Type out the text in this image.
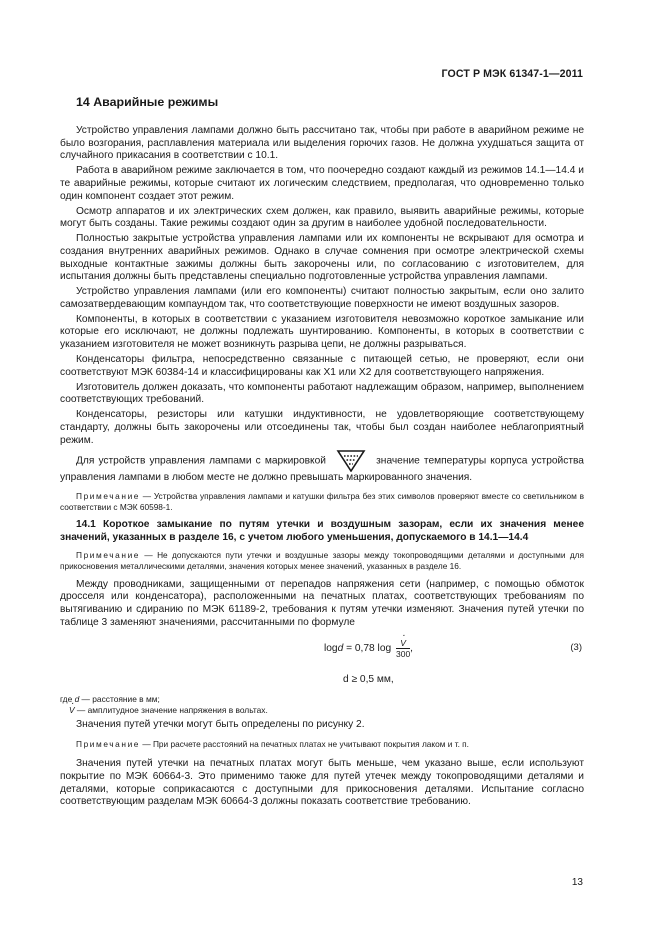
ГОСТ Р МЭК 61347-1—2011
14 Аварийные режимы

Устройство управления лампами должно быть рассчитано так, чтобы при работе в аварийном режиме не было возгорания, расплавления материала или выделения горючих газов. Не должна ухудшаться защита от случайного прикасания в соответствии с 10.1.

Работа в аварийном режиме заключается в том, что поочередно создают каждый из режимов 14.1—14.4 и те аварийные режимы, которые считают их логическим следствием, предполагая, что одновременно только один компонент создает этот режим.

Осмотр аппаратов и их электрических схем должен, как правило, выявить аварийные режимы, которые могут быть созданы. Такие режимы создают один за другим в наиболее удобной последовательности.

Полностью закрытые устройства управления лампами или их компоненты не вскрывают для осмотра и создания внутренних аварийных режимов. Однако в случае сомнения при осмотре электрической схемы выходные контактные зажимы должны быть закорочены или, по согласованию с изготовителем, для испытания должны быть представлены специально подготовленные устройства управления лампами.

Устройство управления лампами (или его компоненты) считают полностью закрытым, если оно залито самозатвердевающим компаундом так, что соответствующие поверхности не имеют воздушных зазоров.

Компоненты, в которых в соответствии с указанием изготовителя невозможно короткое замыкание или которые его исключают, не должны подлежать шунтированию. Компоненты, в которых в соответствии с указанием изготовителя не может возникнуть разрыва цепи, не должны разрываться.

Конденсаторы фильтра, непосредственно связанные с питающей сетью, не проверяют, если они соответствуют МЭК 60384-14 и классифицированы как X1 или X2 для соответствующего напряжения.

Изготовитель должен доказать, что компоненты работают надлежащим образом, например, выполнением соответствующих требований.

Конденсаторы, резисторы или катушки индуктивности, не удовлетворяющие соответствующему стандарту, должны быть закорочены или отсоединены так, чтобы был создан наиболее неблагоприятный режим.

Для устройств управления лампами с маркировкой	значение температуры корпуса устройства управления лампами в любом месте не должно превышать маркированного значения.

Примечание — Устройства управления лампами и катушки фильтра без этих символов проверяют вместе со светильником в соответствии с МЭК 60598-1.

14.1 Короткое замыкание по путям утечки и воздушным зазорам, если их значения менее значений, указанных в разделе 16, с учетом любого уменьшения, допускаемого в 14.1—14.4

Примечание — Не допускаются пути утечки и воздушные зазоры между токопроводящими деталями и доступными для прикосновения металлическими деталями, значения которых менее значений, указанных в разделе 16.

Между проводниками, защищенными от перепадов напряжения сети (например, с помощью обмоток дросселя или конденсатора), расположенными на печатных платах, соответствующих требованиям по вытягиванию и сдиранию по МЭК 61189-2, требования к путям утечки изменяют. Значения путей утечки по таблице 3 заменяют значениями, рассчитанными по формуле

logd = 0,78 log
· $\frac{V}{300}$ ,	(3)
d ≥ 0,5 мм,
где d — расстояние в мм;
· V — амплитудное значение напряжения в вольтах.

Значения путей утечки могут быть определены по рисунку 2.

Примечание — При расчете расстояний на печатных платах не учитывают покрытия лаком и т. п.

Значения путей утечки на печатных платах могут быть меньше, чем указано выше, если используют покрытие по МЭК 60664-3. Это применимо также для путей утечек между токопроводящими деталями и деталями, которые соприкасаются с доступными для прикосновения деталями. Испытание согласно соответствующим разделам МЭК 60664-3 должны показать соответствие требованию.

13
